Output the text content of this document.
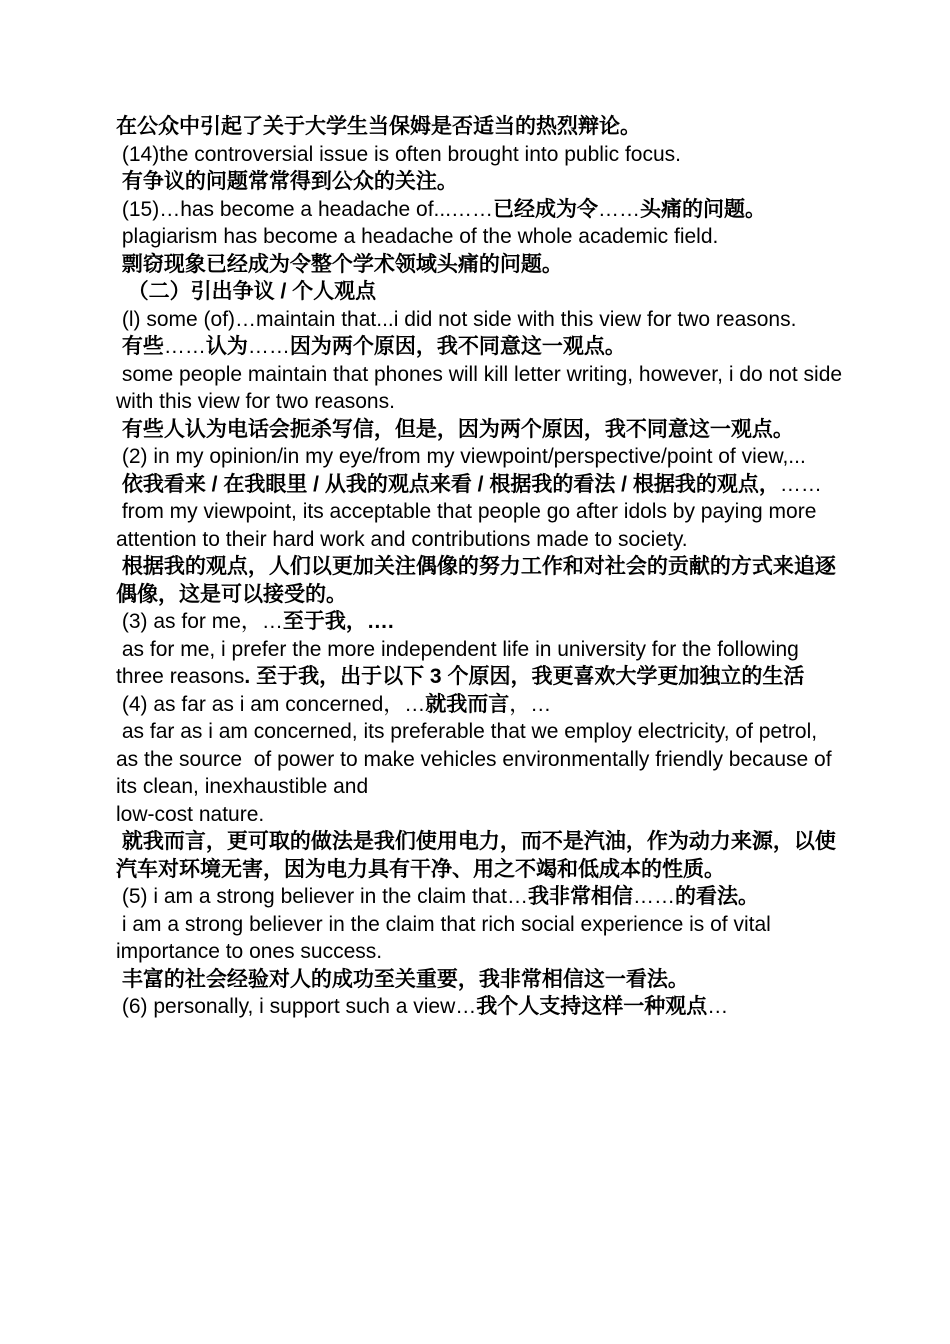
在公众中引起了关于大学生当保姆是否适当的热烈辩论。
(14)the controversial issue is often brought into public focus.
有争议的问题常常得到公众的关注。
(15)…has become a headache of...……已经成为令……头痛的问题。
plagiarism has become a headache of the whole academic field.
剽窃现象已经成为令整个学术领域头痛的问题。
（二）引出争议 / 个人观点
(l) some (of)…maintain that...i did not side with this view for two reasons.
有些……认为……因为两个原因，我不同意这一观点。
some people maintain that phones will kill letter writing, however, i do not side with this view for two reasons.
有些人认为电话会扼杀写信，但是，因为两个原因，我不同意这一观点。
(2) in my opinion/in my eye/from my viewpoint/perspective/point of view,...
依我看来 / 在我眼里 / 从我的观点来看 / 根据我的看法 / 根据我的观点，……
from my viewpoint, its acceptable that people go after idols by paying more  attention to their hard work and contributions made to society.
根据我的观点，人们以更加关注偶像的努力工作和对社会的贡献的方式来追逐偶像，这是可以接受的。
(3) as for me，…至于我，….
as for me, i prefer the more independent life in university for the following  three reasons. 至于我，出于以下 3 个原因，我更喜欢大学更加独立的生活
(4) as far as i am concerned，…就我而言，…
as far as i am concerned, its preferable that we employ electricity, of petrol, as the source  of power to make vehicles environmentally friendly because of its clean, inexhaustible and
low-cost nature.
就我而言，更可取的做法是我们使用电力，而不是汽油，作为动力来源，以使汽车对环境无害，因为电力具有干净、用之不竭和低成本的性质。
(5) i am a strong believer in the claim that…我非常相信……的看法。
i am a strong believer in the claim that rich social experience is of vital importance to ones success.
丰富的社会经验对人的成功至关重要，我非常相信这一看法。
(6) personally, i support such a view…我个人支持这样一种观点…
